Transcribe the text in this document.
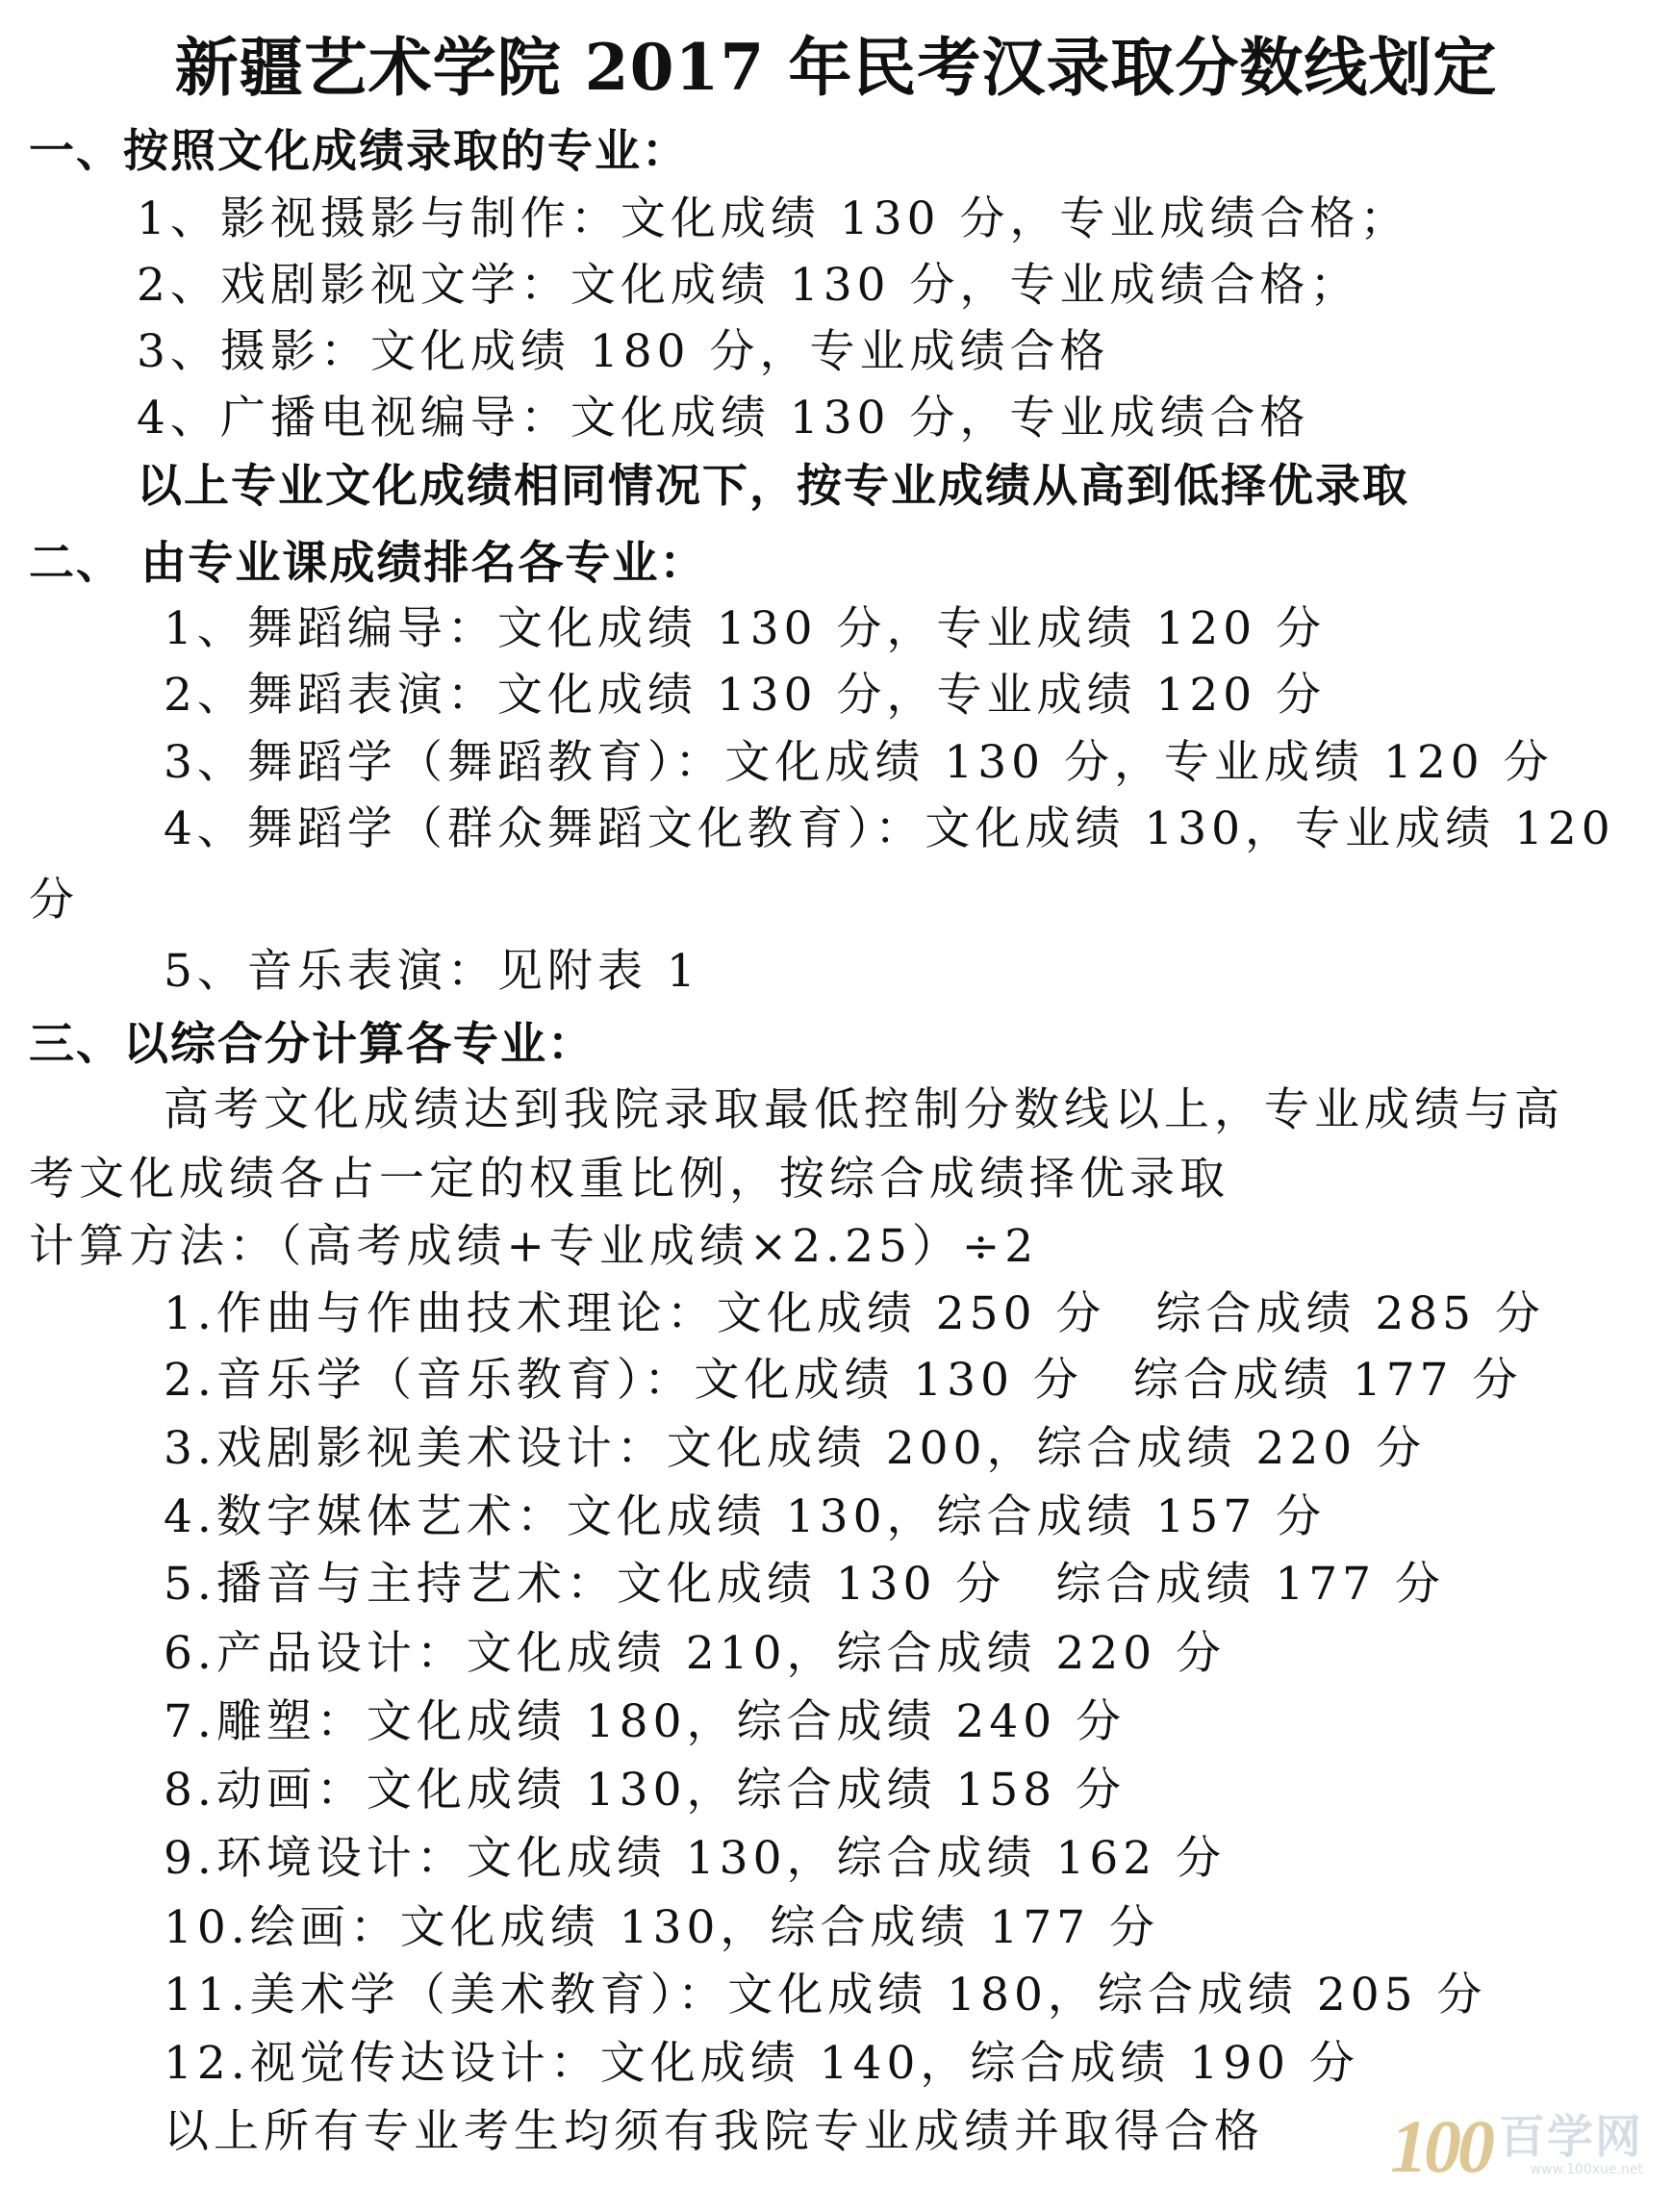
新疆艺术学院 2017 年民考汉录取分数线划定
一、按照文化成绩录取的专业：
1、影视摄影与制作：文化成绩 130 分，专业成绩合格；
2、戏剧影视文学：文化成绩 130 分，专业成绩合格；
3、摄影：文化成绩 180 分，专业成绩合格
4、广播电视编导：文化成绩 130 分，专业成绩合格
以上专业文化成绩相同情况下，按专业成绩从高到低择优录取
二、 由专业课成绩排名各专业：
1、舞蹈编导：文化成绩 130 分，专业成绩 120 分
2、舞蹈表演：文化成绩 130 分，专业成绩 120 分
3、舞蹈学（舞蹈教育）：文化成绩 130 分，专业成绩 120 分
4、舞蹈学（群众舞蹈文化教育）：文化成绩 130，专业成绩 120
分
5、音乐表演：见附表 1
三、以综合分计算各专业：
高考文化成绩达到我院录取最低控制分数线以上，专业成绩与高
考文化成绩各占一定的权重比例，按综合成绩择优录取
计算方法：（高考成绩+专业成绩×2.25）÷2
1.作曲与作曲技术理论：文化成绩 250 分　综合成绩 285 分
2.音乐学（音乐教育）：文化成绩 130 分　综合成绩 177 分
3.戏剧影视美术设计：文化成绩 200，综合成绩 220 分
4.数字媒体艺术：文化成绩 130，综合成绩 157 分
5.播音与主持艺术：文化成绩 130 分　综合成绩 177 分
6.产品设计：文化成绩 210，综合成绩 220 分
7.雕塑：文化成绩 180，综合成绩 240 分
8.动画：文化成绩 130，综合成绩 158 分
9.环境设计：文化成绩 130，综合成绩 162 分
10.绘画：文化成绩 130，综合成绩 177 分
11.美术学（美术教育）：文化成绩 180，综合成绩 205 分
12.视觉传达设计：文化成绩 140，综合成绩 190 分
以上所有专业考生均须有我院专业成绩并取得合格 100 百学网
www.100xue.net
